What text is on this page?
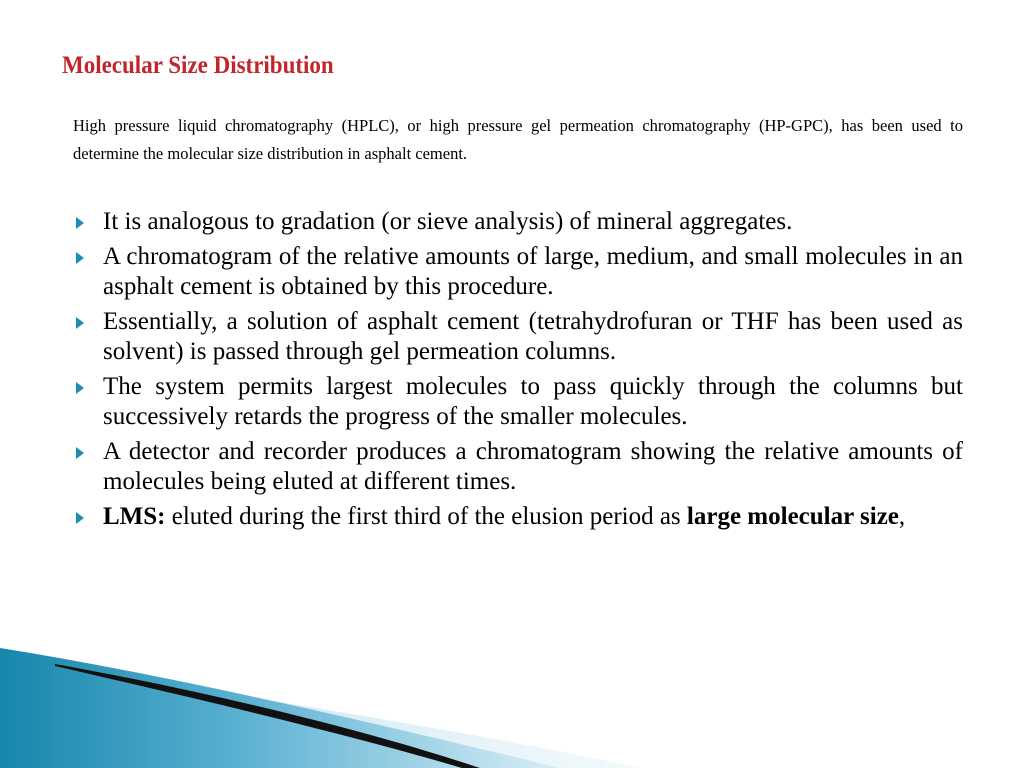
Molecular Size Distribution
High pressure liquid chromatography (HPLC), or high pressure gel permeation chromatography (HP-GPC), has been used to determine the molecular size distribution in asphalt cement.
It is analogous to gradation (or sieve analysis) of mineral aggregates.
A chromatogram of the relative amounts of large, medium, and small molecules in an asphalt cement is obtained by this procedure.
Essentially, a solution of asphalt cement (tetrahydrofuran or THF has been used as solvent) is passed through gel permeation columns.
The system permits largest molecules to pass quickly through the columns but successively retards the progress of the smaller molecules.
A detector and recorder produces a chromatogram showing the relative amounts of molecules being eluted at different times.
LMS: eluted during the first third of the elusion period as large molecular size,
